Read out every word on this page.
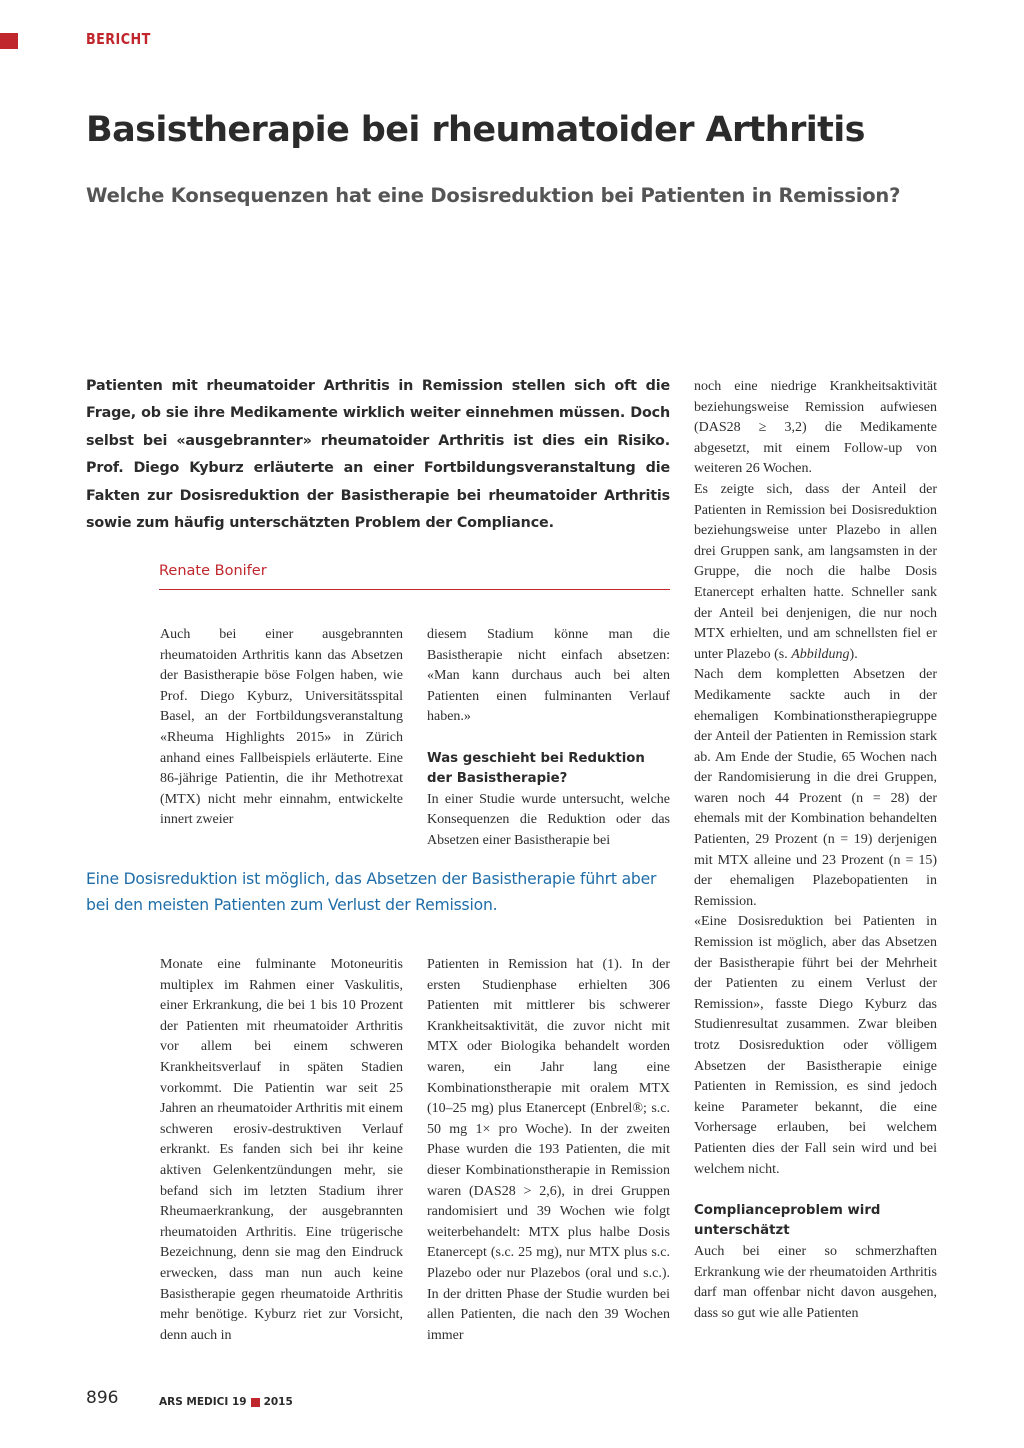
BERICHT
Basistherapie bei rheumatoider Arthritis
Welche Konsequenzen hat eine Dosisreduktion bei Patienten in Remission?

Patienten mit rheumatoider Arthritis in Remission stellen sich oft die Frage, ob sie ihre Medikamente wirklich weiter einnehmen müssen. Doch selbst bei «ausgebrannter» rheumatoider Arthritis ist dies ein Risiko. Prof. Diego Kyburz erläuterte an einer Fortbildungsveranstaltung die Fakten zur Dosisreduktion der Basistherapie bei rheumatoider Arthritis sowie zum häufig unterschätzten Problem der Compliance.

Renate Bonifer

Auch bei einer ausgebrannten rheumatoiden Arthritis kann das Absetzen der Basistherapie böse Folgen haben, wie Prof. Diego Kyburz, Universitätsspital Basel, an der Fortbildungsveranstaltung «Rheuma Highlights 2015» in Zürich anhand eines Fallbeispiels erläuterte. Eine 86-jährige Patientin, die ihr Methotrexat (MTX) nicht mehr einnahm, entwickelte innert zweier

diesem Stadium könne man die Basistherapie nicht einfach absetzen: «Man kann durchaus auch bei alten Patienten einen fulminanten Verlauf haben.»

Was geschieht bei Reduktion der Basistherapie?

In einer Studie wurde untersucht, welche Konsequenzen die Reduktion oder das Absetzen einer Basistherapie bei

Eine Dosisreduktion ist möglich, das Absetzen der Basistherapie führt aber bei den meisten Patienten zum Verlust der Remission.

Monate eine fulminante Motoneuritis multiplex im Rahmen einer Vaskulitis, einer Erkrankung, die bei 1 bis 10 Prozent der Patienten mit rheumatoider Arthritis vor allem bei einem schweren Krankheitsverlauf in späten Stadien vorkommt. Die Patientin war seit 25 Jahren an rheumatoider Arthritis mit einem schweren erosiv-destruktiven Verlauf erkrankt. Es fanden sich bei ihr keine aktiven Gelenkentzündungen mehr, sie befand sich im letzten Stadium ihrer Rheumaerkrankung, der ausgebrannten rheumatoiden Arthritis. Eine trügerische Bezeichnung, denn sie mag den Eindruck erwecken, dass man nun auch keine Basistherapie gegen rheumatoide Arthritis mehr benötige. Kyburz riet zur Vorsicht, denn auch in

Patienten in Remission hat (1). In der ersten Studienphase erhielten 306 Patienten mit mittlerer bis schwerer Krankheitsaktivität, die zuvor nicht mit MTX oder Biologika behandelt worden waren, ein Jahr lang eine Kombinationstherapie mit oralem MTX (10–25 mg) plus Etanercept (Enbrel®; s.c. 50 mg 1× pro Woche). In der zweiten Phase wurden die 193 Patienten, die mit dieser Kombinationstherapie in Remission waren (DAS28 > 2,6), in drei Gruppen randomisiert und 39 Wochen wie folgt weiterbehandelt: MTX plus halbe Dosis Etanercept (s.c. 25 mg), nur MTX plus s.c. Plazebo oder nur Plazebos (oral und s.c.). In der dritten Phase der Studie wurden bei allen Patienten, die nach den 39 Wochen immer

noch eine niedrige Krankheitsaktivität beziehungsweise Remission aufwiesen (DAS28 ≥ 3,2) die Medikamente abgesetzt, mit einem Follow-up von weiteren 26 Wochen.

Es zeigte sich, dass der Anteil der Patienten in Remission bei Dosisreduktion beziehungsweise unter Plazebo in allen drei Gruppen sank, am langsamsten in der Gruppe, die noch die halbe Dosis Etanercept erhalten hatte. Schneller sank der Anteil bei denjenigen, die nur noch MTX erhielten, und am schnellsten fiel er unter Plazebo (s. Abbildung).

Nach dem kompletten Absetzen der Medikamente sackte auch in der ehemaligen Kombinationstherapiegruppe der Anteil der Patienten in Remission stark ab. Am Ende der Studie, 65 Wochen nach der Randomisierung in die drei Gruppen, waren noch 44 Prozent (n = 28) der ehemals mit der Kombination behandelten Patienten, 29 Prozent (n = 19) derjenigen mit MTX alleine und 23 Prozent (n = 15) der ehemaligen Plazebopatienten in Remission.

«Eine Dosisreduktion bei Patienten in Remission ist möglich, aber das Absetzen der Basistherapie führt bei der Mehrheit der Patienten zu einem Verlust der Remission», fasste Diego Kyburz das Studienresultat zusammen. Zwar bleiben trotz Dosisreduktion oder völligem Absetzen der Basistherapie einige Patienten in Remission, es sind jedoch keine Parameter bekannt, die eine Vorhersage erlauben, bei welchem Patienten dies der Fall sein wird und bei welchem nicht.

Complianceproblem wird unterschätzt

Auch bei einer so schmerzhaften Erkrankung wie der rheumatoiden Arthritis darf man offenbar nicht davon ausgehen, dass so gut wie alle Patienten

896	ARS MEDICI 19 2015
